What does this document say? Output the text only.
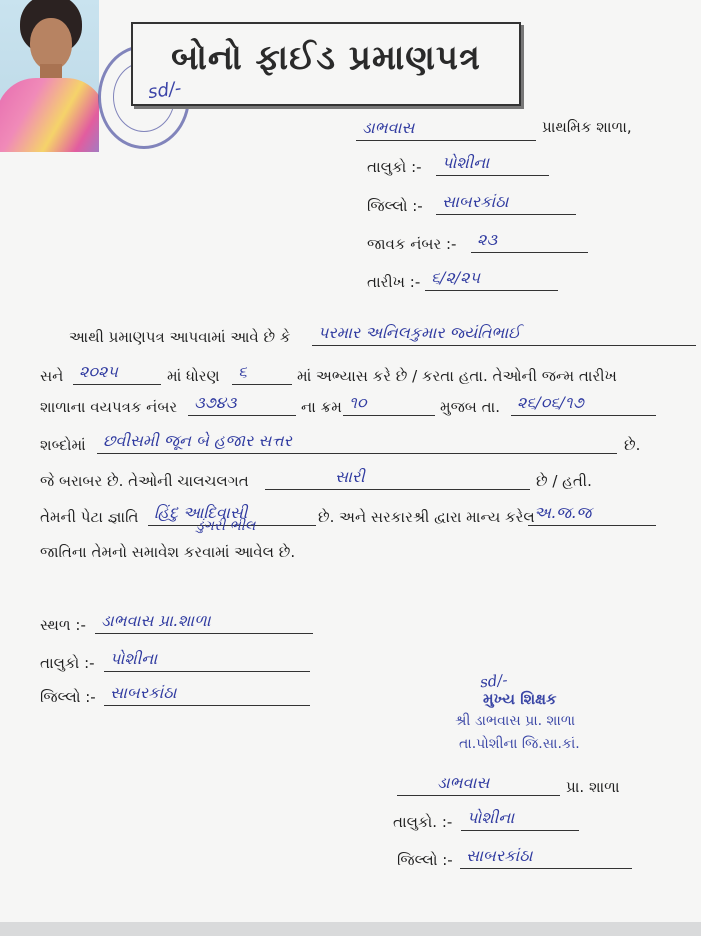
બોનો ફાઈડ પ્રમાણપત્ર
sd/-
ડાભવાસ	પ્રાથમિક શાળા,
તાલુકો :- પોશીના
જિલ્લો :- સાબરકાંઠા
જાવક નંબર :- ૨૩
તારીખ :- ૬/૨/૨૫
આથી પ્રમાણપત્ર આપવામાં આવે છે કે પરમાર અનિલકુમાર જ્યંતિભાઈ
સને ૨૦૨૫	માં ધોરણ ૬	માં અભ્યાસ કરે છે / કરતા હતા. તેઓની જન્મ તારીખ
શાળાના વયપત્રક નંબર ૩૭૪૩	ના ક્રમ ૧૦	મુજબ તા. ૨૬/૦૬/૧૭
શબ્દોમાં છવીસમી જૂન બે હજાર સત્તર	છે.
જે બરાબર છે. તેઓની ચાલચલગત	સારી	છે / હતી.
તેમની પેટા જ્ઞાતિ હિંદુ આદિવાસી
ડુંગરી ભીલ	છે. અને સરકારશ્રી દ્વારા માન્ય કરેલ અ.જ.જ
જાતિના તેમનો સમાવેશ કરવામાં આવેલ છે.
સ્થળ :- ડાભવાસ પ્રા.શાળા
તાલુકો :- પોશીના
જિલ્લો :- સાબરકાંઠા
sd/-
મુખ્ય શિક્ષક
શ્રી ડાભવાસ પ્રા. શાળા
તા.પોશીના જિ.સા.કાં.
ડાભવાસ	પ્રા. શાળા
તાલુકો. :- પોશીના
જિલ્લો :- સાબરકાંઠા
